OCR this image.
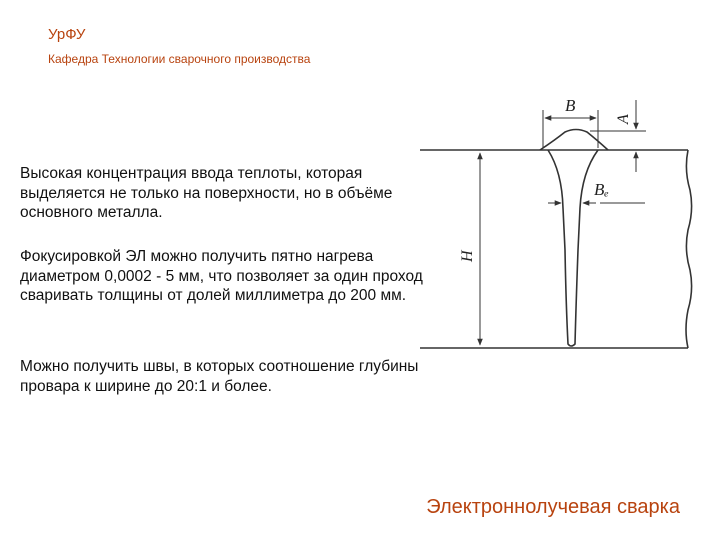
УрФУ
Кафедра Технологии сварочного производства
B
A
Bₑ
H
Высокая концентрация ввода теплоты, которая выделяется не только на поверхности, но в объёме основного металла.
Фокусировкой ЭЛ можно получить пятно нагрева диаметром 0,0002 - 5 мм, что позволяет за один проход сваривать толщины от долей миллиметра до 200 мм.
Можно получить швы, в которых соотношение глубины провара к ширине до 20:1 и более.
Электроннолучевая сварка
